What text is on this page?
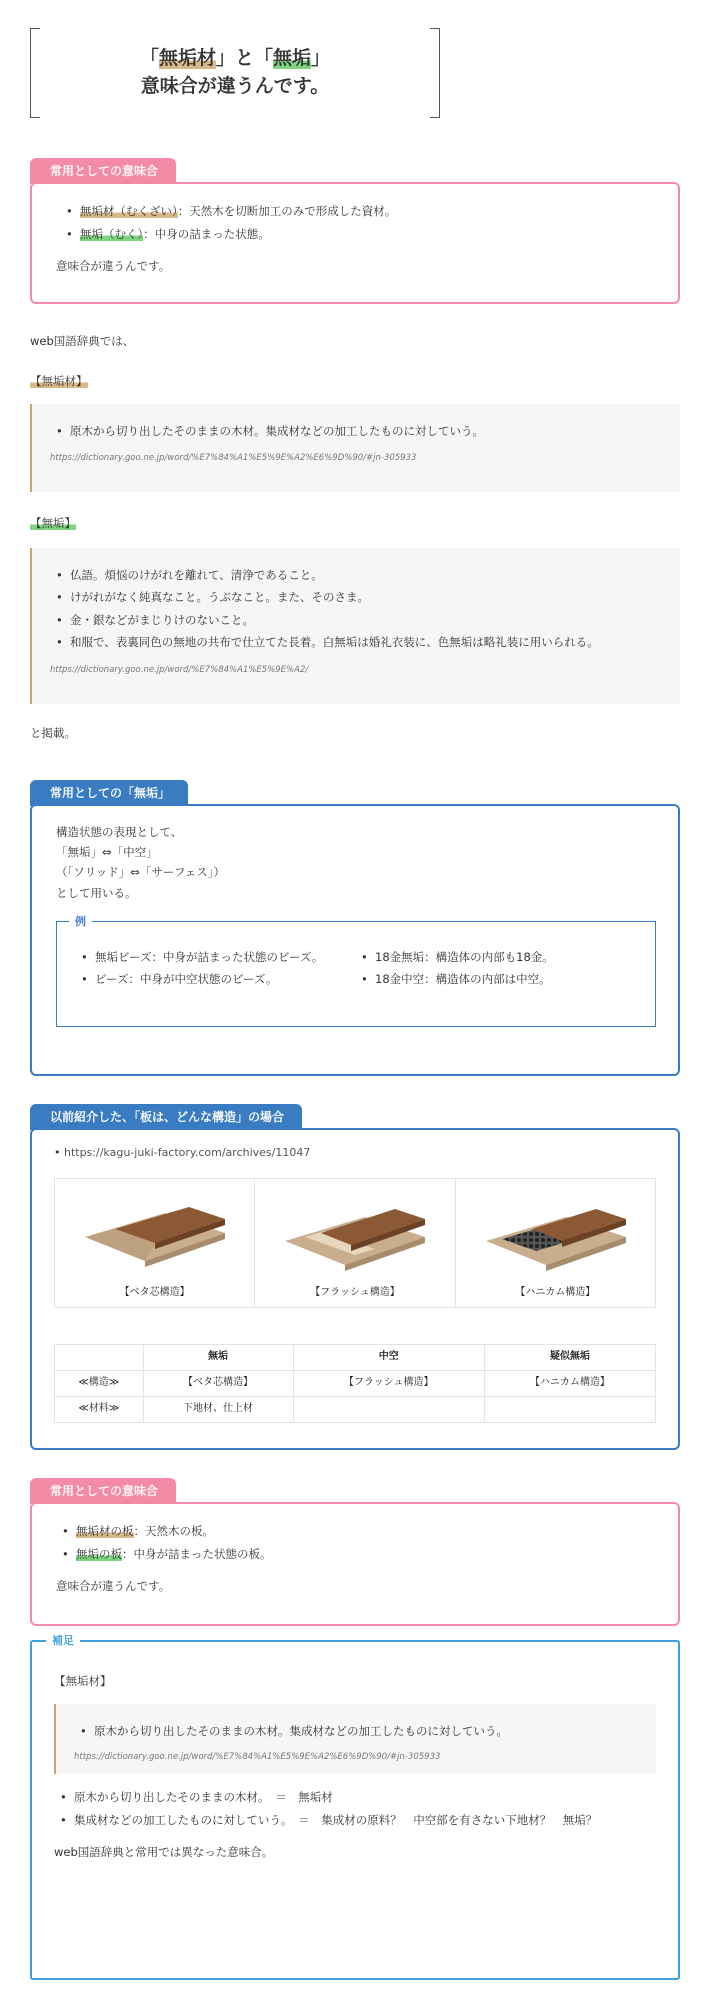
「無垢材」と「無垢」
意味合が違うんです。
常用としての意味合
• 無垢材（むくざい）：天然木を切断加工のみで形成した資材。
• 無垢（むく）：中身の詰まった状態。

意味合が違うんです。

web国語辞典では、

【無垢材】

• 原木から切り出したそのままの木材。集成材などの加工したものに対していう。
https://dictionary.goo.ne.jp/word/%E7%84%A1%E5%9E%A2%E6%9D%90/#jn-305933

【無垢】

• 仏語。煩悩のけがれを離れて、清浄であること。
• けがれがなく純真なこと。うぶなこと。また、そのさま。
• 金・銀などがまじりけのないこと。
• 和服で、表裏同色の無地の共布で仕立てた長着。白無垢は婚礼衣装に、色無垢は略礼装に用いられる。
https://dictionary.goo.ne.jp/word/%E7%84%A1%E5%9E%A2/

と掲載。

常用としての「無垢」
構造状態の表現として、
「無垢」⇔「中空」
（「ソリッド」⇔「サーフェス」）
として用いる。
例
• 無垢ビーズ：中身が詰まった状態のビーズ。
• ビーズ：中身が中空状態のビーズ。
• 18金無垢：構造体の内部も18金。
• 18金中空：構造体の内部は中空。
以前紹介した、「板は、どんな構造」の場合
• https://kagu-juki-factory.com/archives/11047
【ベタ芯構造】	【フラッシュ構造】	【ハニカム構造】
	無垢	中空	疑似無垢
≪構造≫	【ベタ芯構造】	【フラッシュ構造】	【ハニカム構造】
≪材料≫	下地材、仕上材		
常用としての意味合
• 無垢材の板：天然木の板。
• 無垢の板：中身が詰まった状態の板。

意味合が違うんです。

補足

【無垢材】

• 原木から切り出したそのままの木材。集成材などの加工したものに対していう。
https://dictionary.goo.ne.jp/word/%E7%84%A1%E5%9E%A2%E6%9D%90/#jn-305933
• 原木から切り出したそのままの木材。　＝　無垢材
• 集成材などの加工したものに対していう。　＝　集成材の原料？　中空部を有さない下地材？　無垢？

web国語辞典と常用では異なった意味合。
